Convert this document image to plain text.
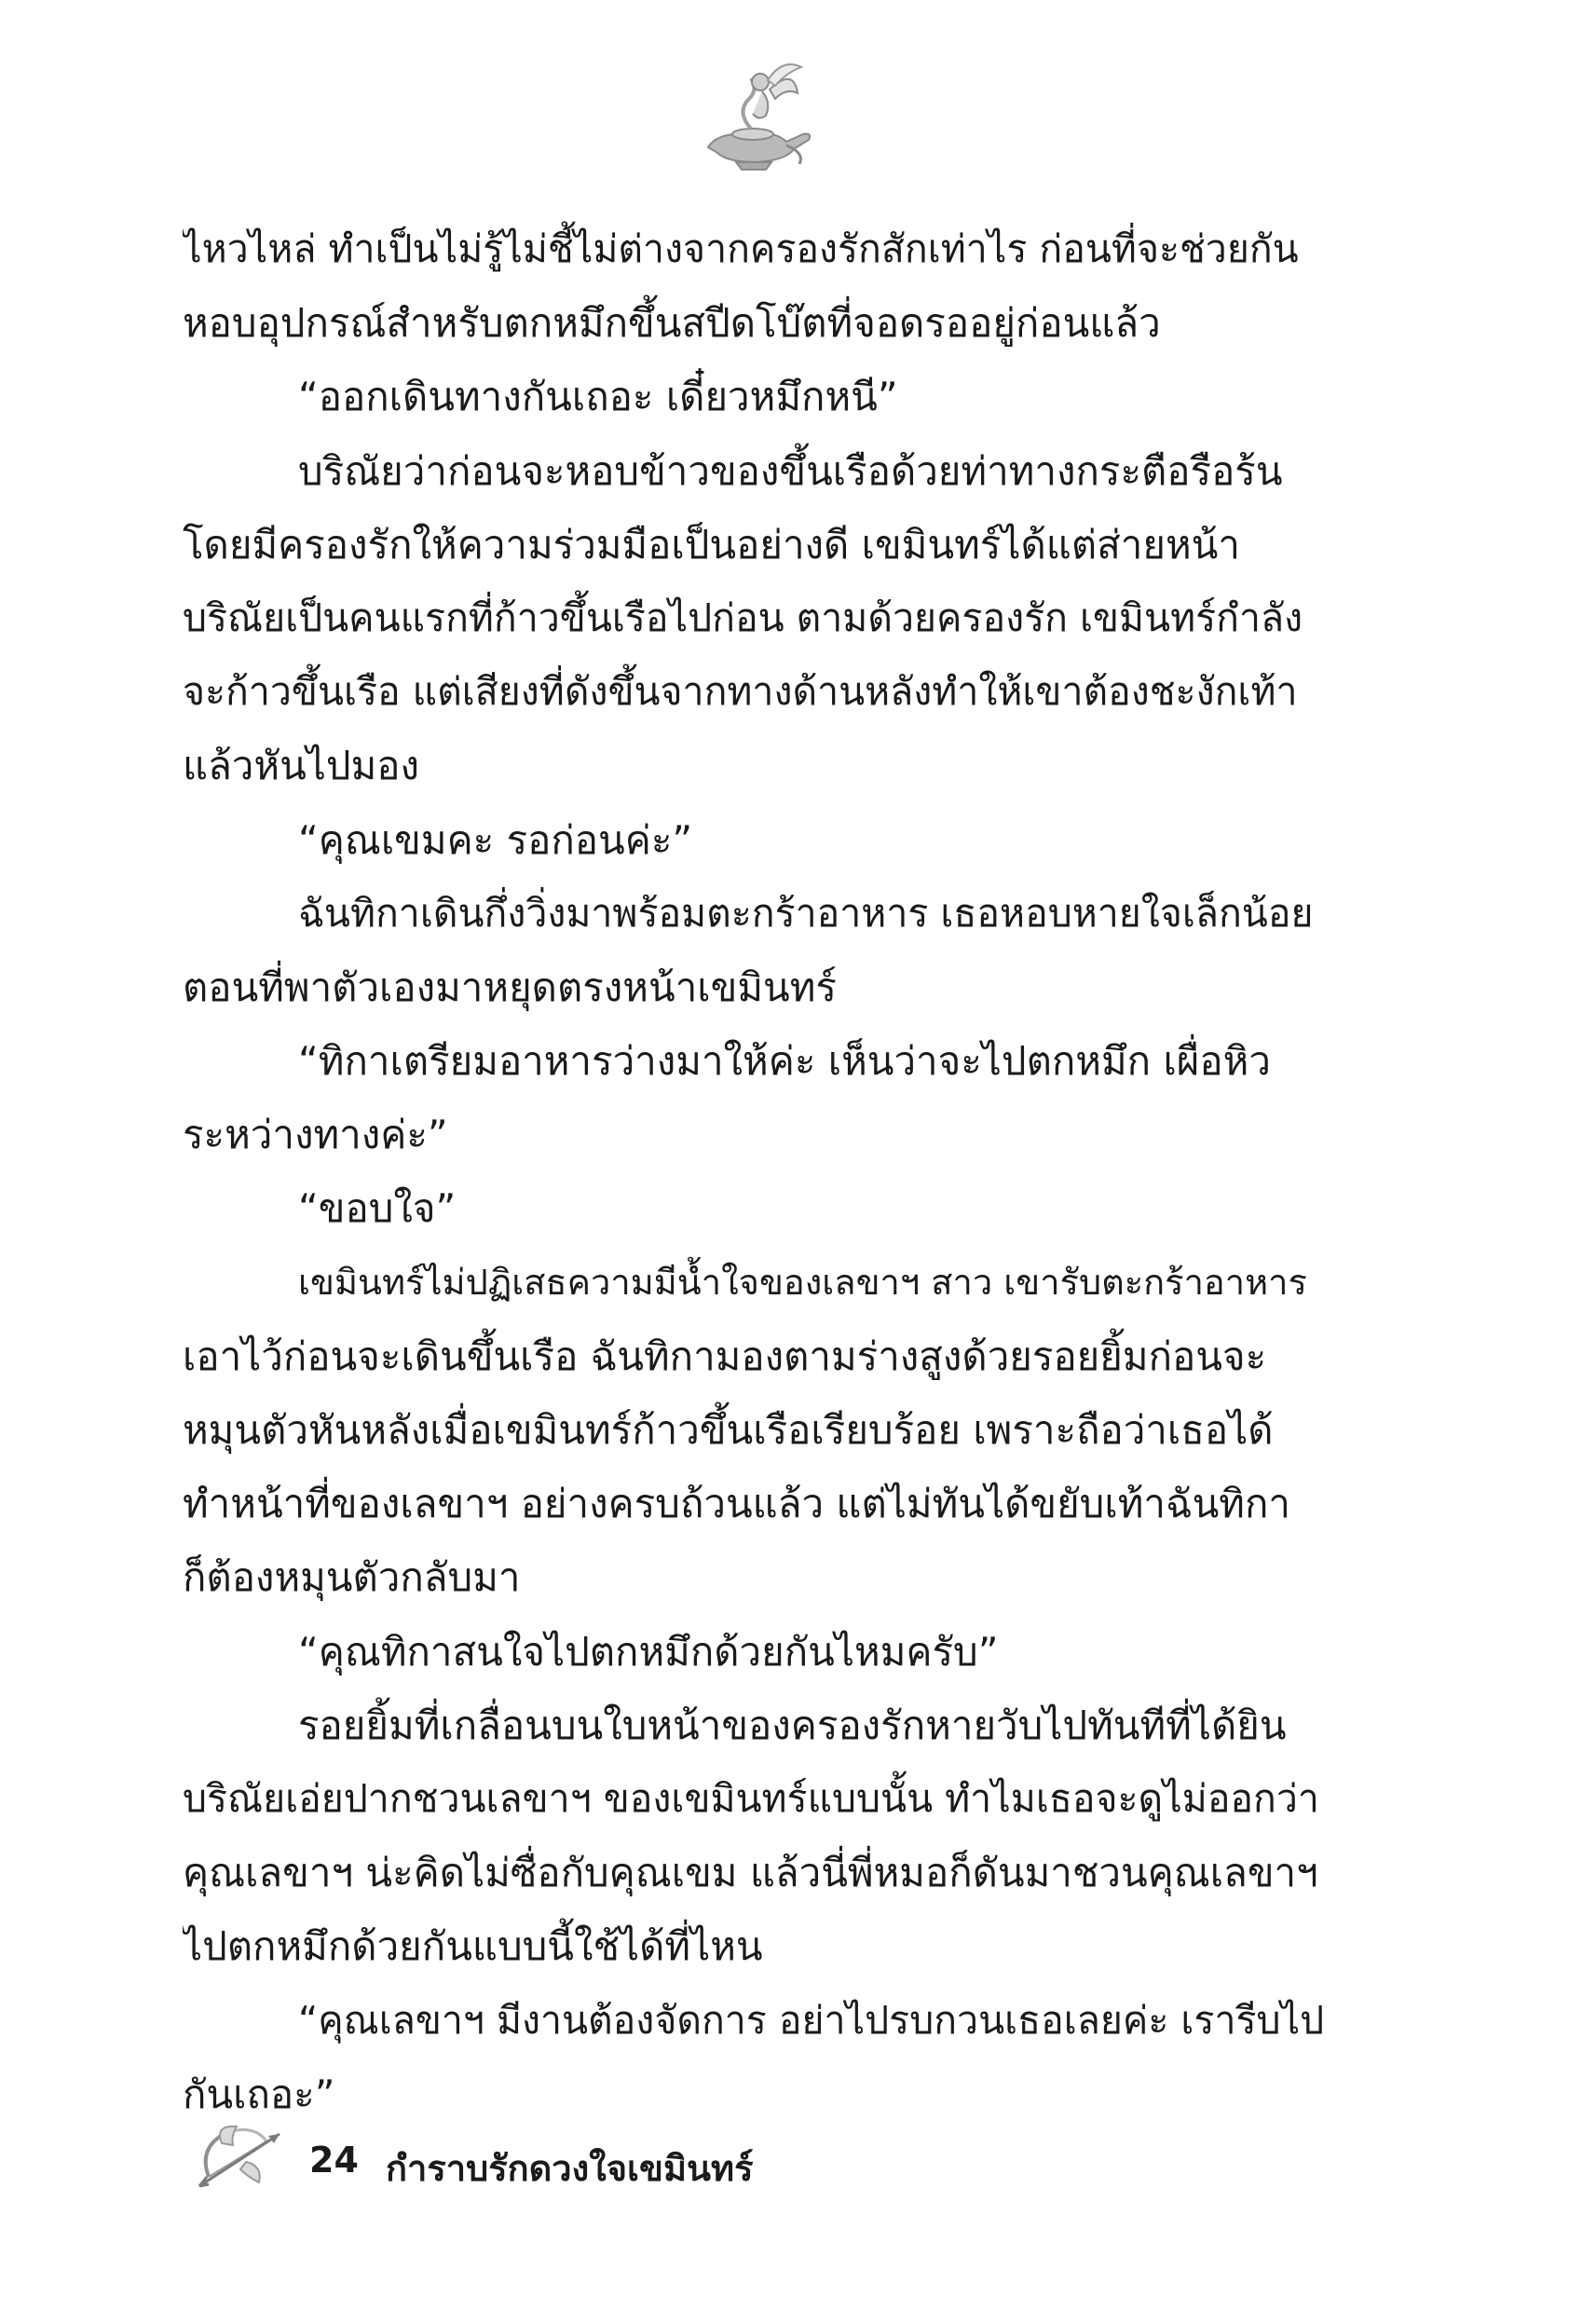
ไหวไหล่ ทำเป็นไม่รู้ไม่ชี้ไม่ต่างจากครองรักสักเท่าไร ก่อนที่จะช่วยกัน
หอบอุปกรณ์สำหรับตกหมึกขึ้นสปีดโบ๊ตที่จอดรออยู่ก่อนแล้ว
“ออกเดินทางกันเถอะ เดี๋ยวหมึกหนี”
บริณัยว่าก่อนจะหอบข้าวของขึ้นเรือด้วยท่าทางกระตือรือร้น
โดยมีครองรักให้ความร่วมมือเป็นอย่างดี เขมินทร์ได้แต่ส่ายหน้า
บริณัยเป็นคนแรกที่ก้าวขึ้นเรือไปก่อน ตามด้วยครองรัก เขมินทร์กำลัง
จะก้าวขึ้นเรือ แต่เสียงที่ดังขึ้นจากทางด้านหลังทำให้เขาต้องชะงักเท้า
แล้วหันไปมอง
“คุณเขมคะ รอก่อนค่ะ”
ฉันทิกาเดินกึ่งวิ่งมาพร้อมตะกร้าอาหาร เธอหอบหายใจเล็กน้อย
ตอนที่พาตัวเองมาหยุดตรงหน้าเขมินทร์
“ทิกาเตรียมอาหารว่างมาให้ค่ะ เห็นว่าจะไปตกหมึก เผื่อหิว
ระหว่างทางค่ะ”
“ขอบใจ”
เขมินทร์ไม่ปฏิเสธความมีน้ำใจของเลขาฯ สาว เขารับตะกร้าอาหาร
เอาไว้ก่อนจะเดินขึ้นเรือ ฉันทิกามองตามร่างสูงด้วยรอยยิ้มก่อนจะ
หมุนตัวหันหลังเมื่อเขมินทร์ก้าวขึ้นเรือเรียบร้อย เพราะถือว่าเธอได้
ทำหน้าที่ของเลขาฯ อย่างครบถ้วนแล้ว แต่ไม่ทันได้ขยับเท้าฉันทิกา
ก็ต้องหมุนตัวกลับมา
“คุณทิกาสนใจไปตกหมึกด้วยกันไหมครับ”
รอยยิ้มที่เกลื่อนบนใบหน้าของครองรักหายวับไปทันทีที่ได้ยิน
บริณัยเอ่ยปากชวนเลขาฯ ของเขมินทร์แบบนั้น ทำไมเธอจะดูไม่ออกว่า
คุณเลขาฯ น่ะคิดไม่ซื่อกับคุณเขม แล้วนี่พี่หมอก็ดันมาชวนคุณเลขาฯ
ไปตกหมึกด้วยกันแบบนี้ใช้ได้ที่ไหน
“คุณเลขาฯ มีงานต้องจัดการ อย่าไปรบกวนเธอเลยค่ะ เรารีบไป
กันเถอะ”
24 กำราบรักดวงใจเขมินทร์
